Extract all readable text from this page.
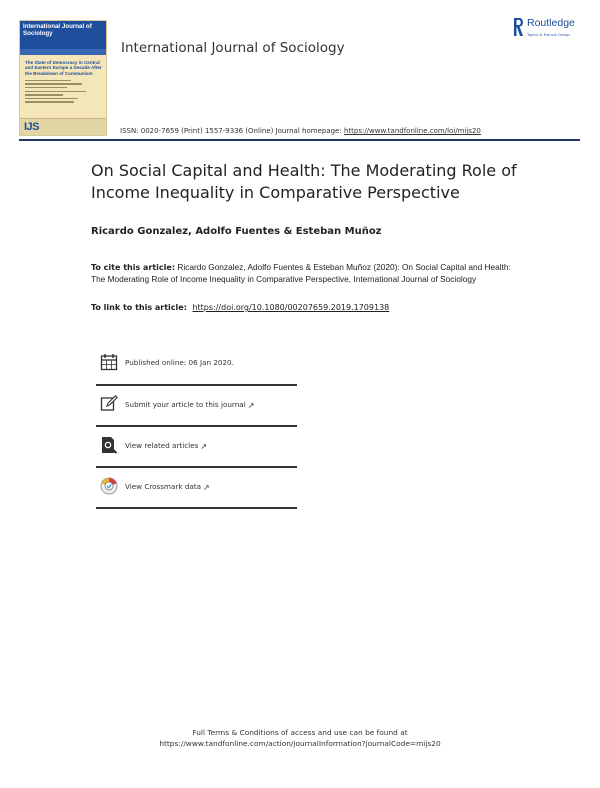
International Journal of Sociology
The State of Democracy in Central and Eastern Europe a Decade After the Breakdown of Communism
IJS
International Journal of Sociology
Routledge
Taylor & Francis Group
ISSN: 0020-7659 (Print) 1557-9336 (Online) Journal homepage: https://www.tandfonline.com/loi/mijs20
On Social Capital and Health: The Moderating Role of Income Inequality in Comparative Perspective
Ricardo Gonzalez, Adolfo Fuentes & Esteban Muñoz
To cite this article: Ricardo Gonzalez, Adolfo Fuentes & Esteban Muñoz (2020): On Social Capital and Health: The Moderating Role of Income Inequality in Comparative Perspective, International Journal of Sociology
To link to this article: https://doi.org/10.1080/00207659.2019.1709138
Published online: 06 Jan 2020.
Submit your article to this journal ↗
View related articles ↗
View Crossmark data ↗
Full Terms & Conditions of access and use can be found at
https://www.tandfonline.com/action/journalInformation?journalCode=mijs20
